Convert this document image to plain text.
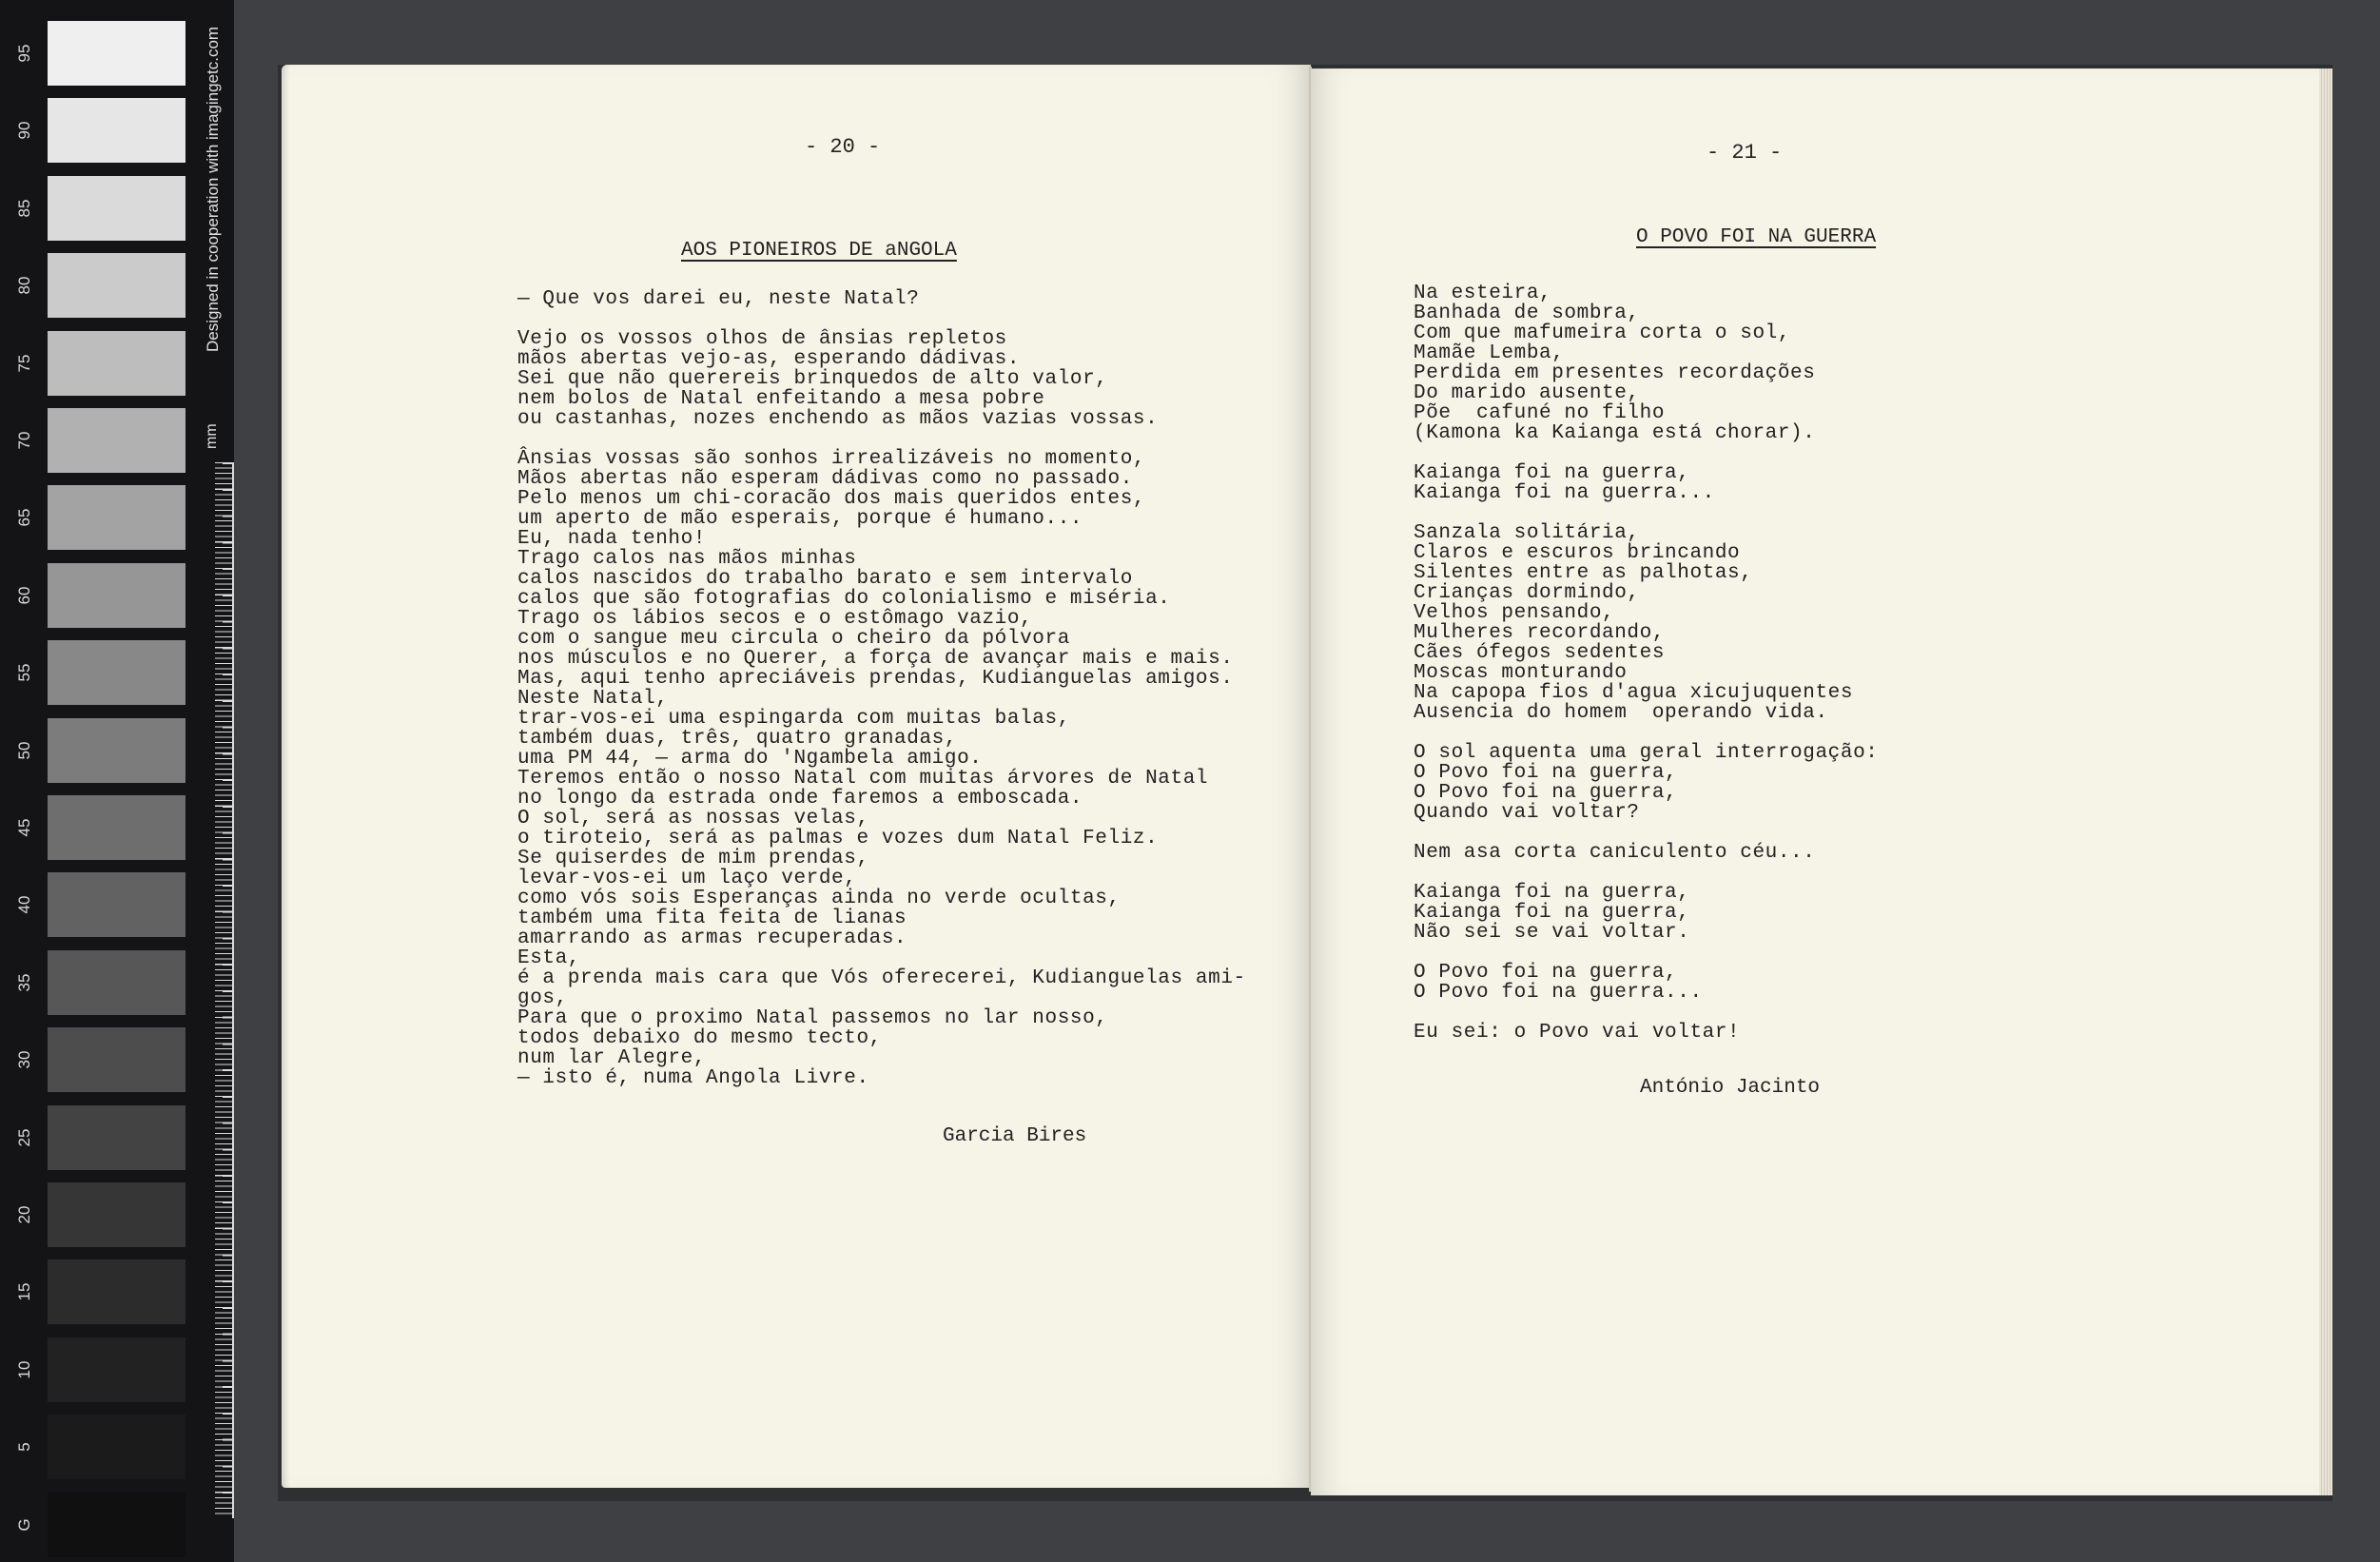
95
90
85
80
75
70
65
60
55
50
45
40
35
30
25
20
15
10
5
G
Designed in cooperation with imagingetc.com
mm
- 20 -
AOS PIONEIROS DE aNGOLA
— Que vos darei eu, neste Natal?
Vejo os vossos olhos de ânsias repletos
mãos abertas vejo-as, esperando dádivas.
Sei que não querereis brinquedos de alto valor,
nem bolos de Natal enfeitando a mesa pobre
ou castanhas, nozes enchendo as mãos vazias vossas.
Ânsias vossas são sonhos irrealizáveis no momento,
Mãos abertas não esperam dádivas como no passado.
Pelo menos um chi-coracão dos mais queridos entes,
um aperto de mão esperais, porque é humano...
Eu, nada tenho!
Trago calos nas mãos minhas
calos nascidos do trabalho barato e sem intervalo
calos que são fotografias do colonialismo e miséria.
Trago os lábios secos e o estômago vazio,
com o sangue meu circula o cheiro da pólvora
nos músculos e no Querer, a força de avançar mais e mais.
Mas, aqui tenho apreciáveis prendas, Kudianguelas amigos.
Neste Natal,
trar-vos-ei uma espingarda com muitas balas,
também duas, três, quatro granadas,
uma PM 44, — arma do 'Ngambela amigo.
Teremos então o nosso Natal com muitas árvores de Natal
no longo da estrada onde faremos a emboscada.
O sol, será as nossas velas,
o tiroteio, será as palmas e vozes dum Natal Feliz.
Se quiserdes de mim prendas,
levar-vos-ei um laço verde,
como vós sois Esperanças ainda no verde ocultas,
também uma fita feita de lianas
amarrando as armas recuperadas.
Esta,
é a prenda mais cara que Vós oferecerei, Kudianguelas ami-
gos,
Para que o proximo Natal passemos no lar nosso,
todos debaixo do mesmo tecto,
num lar Alegre,
— isto é, numa Angola Livre.
Garcia Bires
- 21 -
O POVO FOI NA GUERRA
Na esteira,
Banhada de sombra,
Com que mafumeira corta o sol,
Mamãe Lemba,
Perdida em presentes recordações
Do marido ausente,
Põe  cafuné no filho
(Kamona ka Kaianga está chorar).
Kaianga foi na guerra,
Kaianga foi na guerra...
Sanzala solitária,
Claros e escuros brincando
Silentes entre as palhotas,
Crianças dormindo,
Velhos pensando,
Mulheres recordando,
Cães ófegos sedentes
Moscas monturando
Na capopa fios d'agua xicujuquentes
Ausencia do homem  operando vida.
O sol aquenta uma geral interrogação:
O Povo foi na guerra,
O Povo foi na guerra,
Quando vai voltar?
Nem asa corta caniculento céu...
Kaianga foi na guerra,
Kaianga foi na guerra,
Não sei se vai voltar.
O Povo foi na guerra,
O Povo foi na guerra...
Eu sei: o Povo vai voltar!
António Jacinto
